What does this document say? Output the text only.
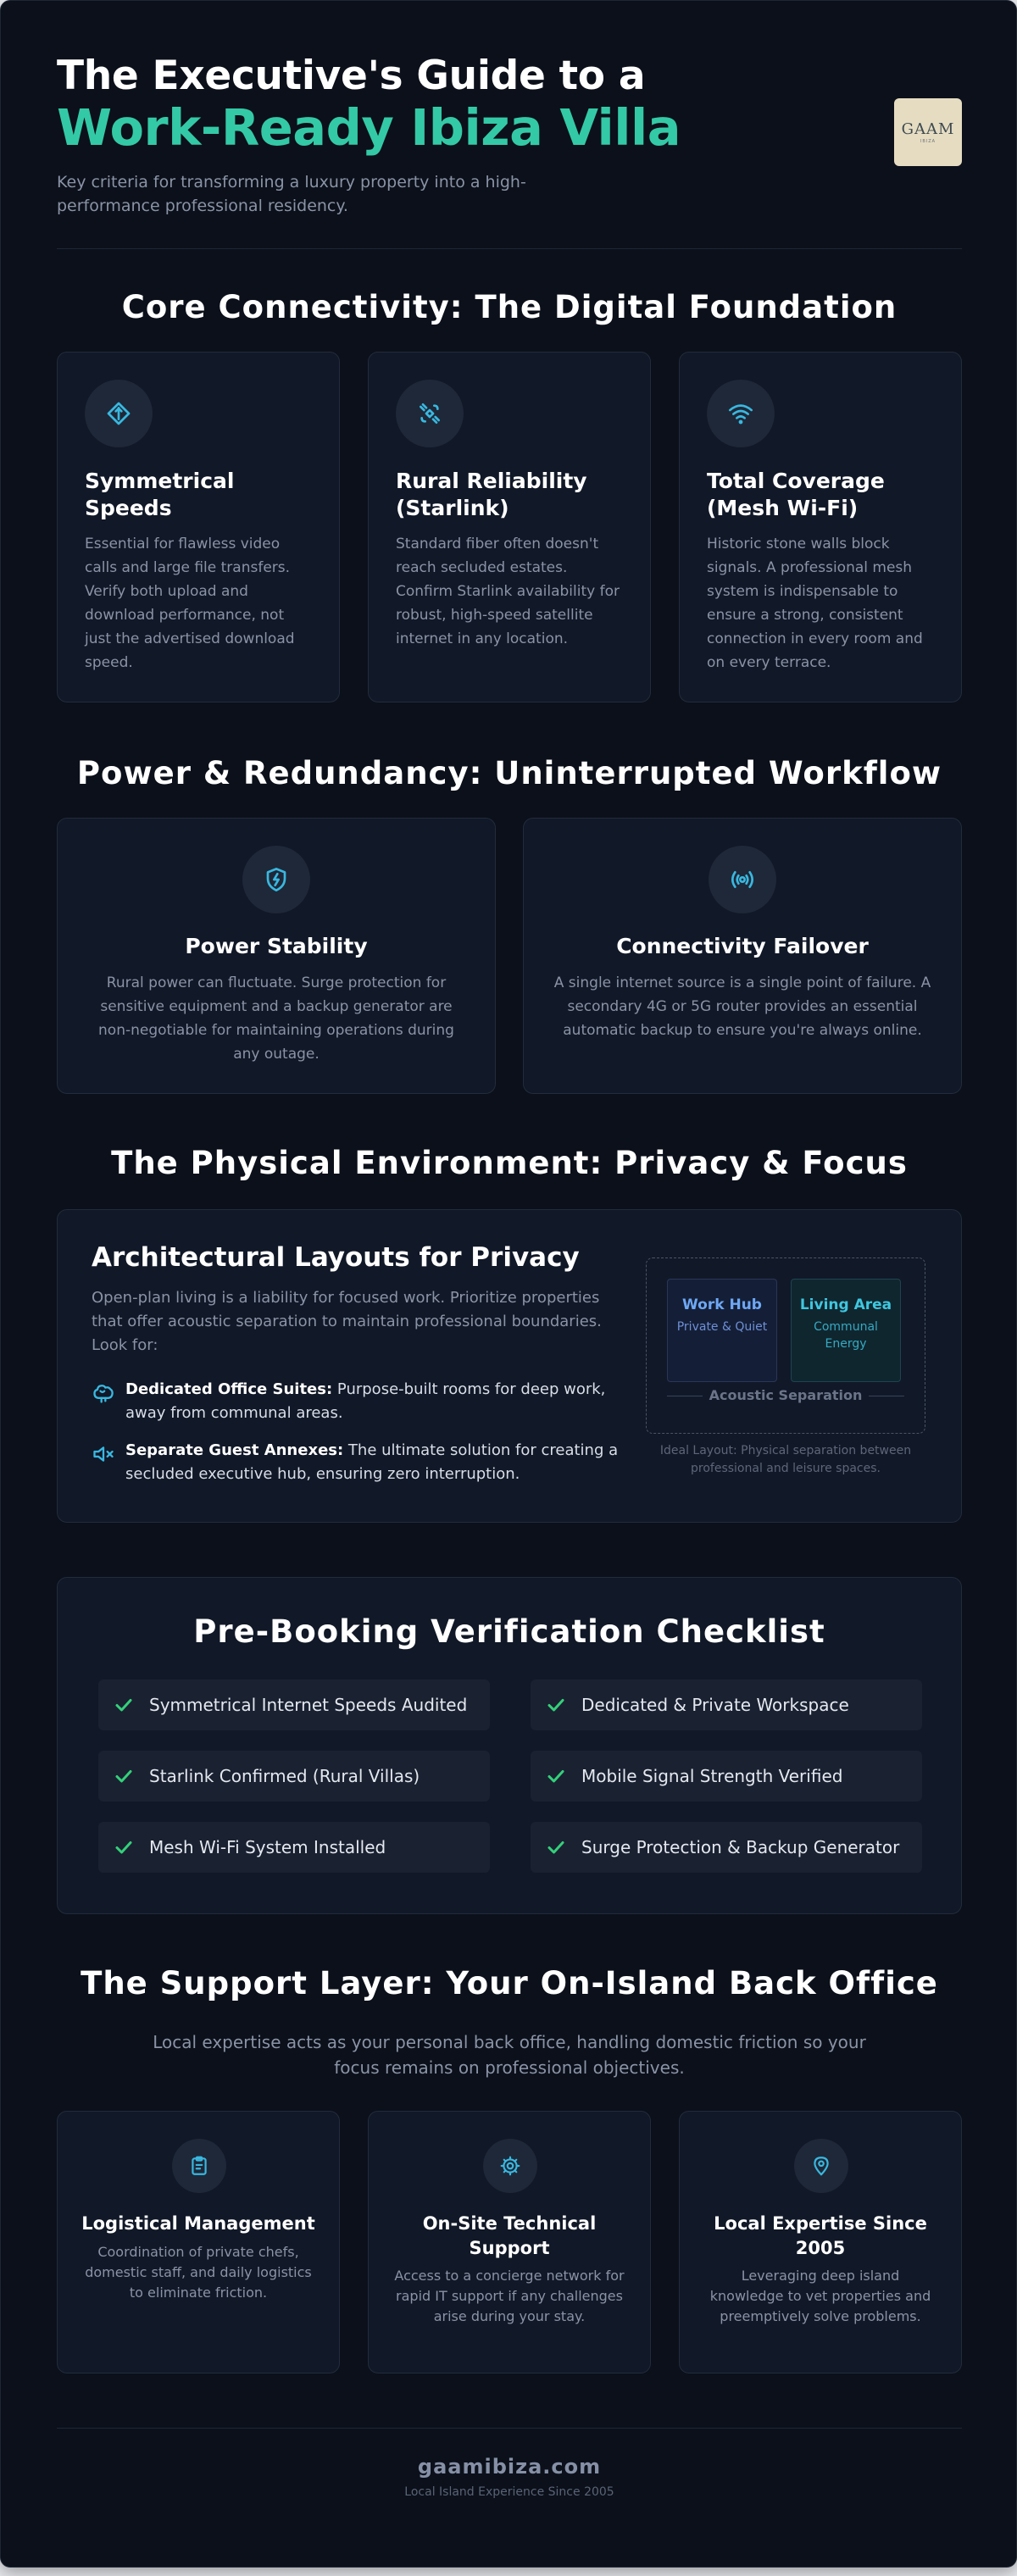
The Executive's Guide to a
Work-Ready Ibiza Villa
Key criteria for transforming a luxury property into a high-performance professional residency.
GAAM
IBIZA
Core Connectivity: The Digital Foundation
Symmetrical Speeds
Essential for flawless video calls and large file transfers. Verify both upload and download performance, not just the advertised download speed.
Rural Reliability (Starlink)
Standard fiber often doesn't reach secluded estates. Confirm Starlink availability for robust, high-speed satellite internet in any location.
Total Coverage (Mesh Wi-Fi)
Historic stone walls block signals. A professional mesh system is indispensable to ensure a strong, consistent connection in every room and on every terrace.
Power & Redundancy: Uninterrupted Workflow
Power Stability
Rural power can fluctuate. Surge protection for sensitive equipment and a backup generator are non-negotiable for maintaining operations during any outage.
Connectivity Failover
A single internet source is a single point of failure. A secondary 4G or 5G router provides an essential automatic backup to ensure you're always online.
The Physical Environment: Privacy & Focus
Architectural Layouts for Privacy
Open-plan living is a liability for focused work. Prioritize properties that offer acoustic separation to maintain professional boundaries. Look for:
Dedicated Office Suites: Purpose-built rooms for deep work, away from communal areas.
Separate Guest Annexes: The ultimate solution for creating a secluded executive hub, ensuring zero interruption.
Work Hub
Private & Quiet
Living Area
Communal Energy
Acoustic Separation
Ideal Layout: Physical separation between professional and leisure spaces.
Pre-Booking Verification Checklist
Symmetrical Internet Speeds Audited	Dedicated & Private Workspace
Starlink Confirmed (Rural Villas)	Mobile Signal Strength Verified
Mesh Wi-Fi System Installed	Surge Protection & Backup Generator
The Support Layer: Your On-Island Back Office
Local expertise acts as your personal back office, handling domestic friction so your focus remains on professional objectives.
Logistical Management
Coordination of private chefs, domestic staff, and daily logistics to eliminate friction.
On-Site Technical Support
Access to a concierge network for rapid IT support if any challenges arise during your stay.
Local Expertise Since 2005
Leveraging deep island knowledge to vet properties and preemptively solve problems.
gaamibiza.com
Local Island Experience Since 2005
